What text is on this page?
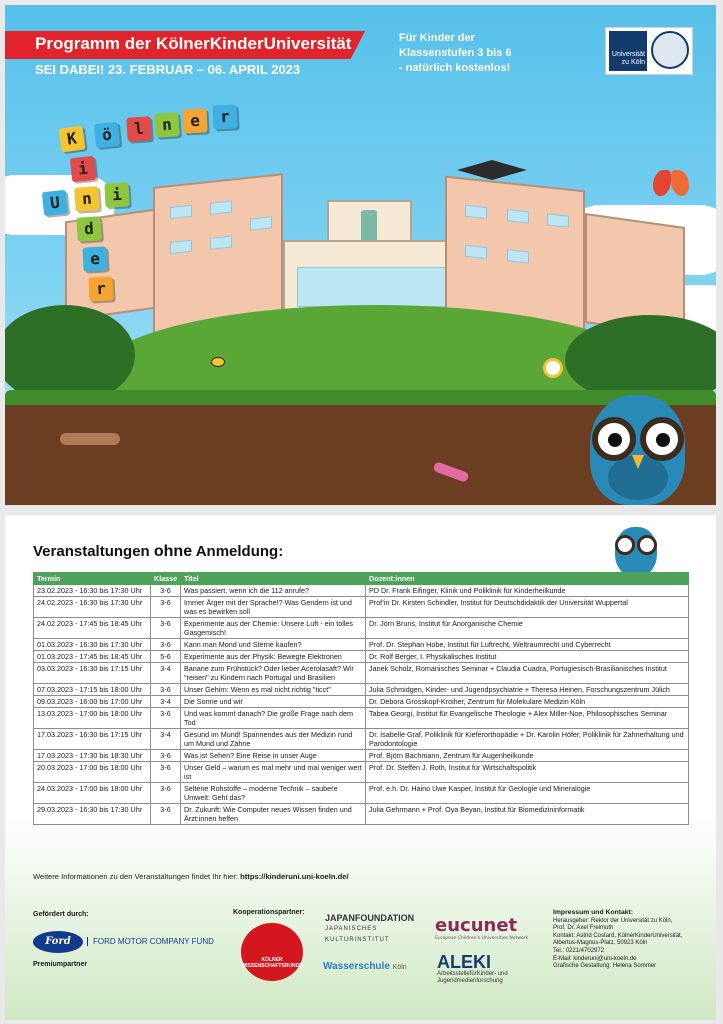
Programm der KölnerKinderUniversität
SEI DABEI! 23. FEBRUAR – 06. APRIL 2023
Für Kinder der
Klassenstufen 3 bis 6
- natürlich kostenlos!
Universität
zu Köln
K	ö	l	n	e	r
i
U	n	i
d
e
r
Veranstaltungen ohne Anmeldung:
Termin	Klasse	Titel	Dozent:innen
23.02.2023 - 16:30 bis 17:30 Uhr	3-6	Was passiert, wenn ich die 112 anrufe?	PD Dr. Frank Eifinger, Klinik und Poliklinik für Kinderheilkunde
24.02.2023 - 16:30 bis 17:30 Uhr	3-6	Immer Ärger mit der Sprache!? Was Gendern ist und was es bewirken soll	Prof’in Dr. Kirsten Schindler, Institut für Deutschdidaktik der Universität Wuppertal
24.02.2023 - 17:45 bis 18:45 Uhr	3-6	Experimente aus der Chemie: Unsere Luft - ein tolles Gasgemisch!	Dr. Jörn Bruns, Institut für Anorganische Chemie
01.03.2023 - 16:30 bis 17:30 Uhr	3-6	Kann man Mond und Sterne kaufen?	Prof. Dr. Stephan Hobe, Institut für Luftrecht, Weltraumrecht und Cyberrecht
01.03.2023 - 17:45 bis 18:45 Uhr	5-6	Experimente aus der Physik: Bewegte Elektronen	Dr. Rolf Berger, I. Physikalisches Institut
03.03.2023 - 16:30 bis 17:15 Uhr	3-4	Banane zum Frühstück? Oder lieber Acerolasaft? Wir "reisen" zu Kindern nach Portugal und Brasilien	Janek Scholz, Romanisches Seminar + Claudia Cuadra, Portugiesisch-Brasilianisches Institut
07.03.2023 - 17:15 bis 18:00 Uhr	3-6	Unser Gehirn: Wenn es mal nicht richtig "ticct"	Julia Schmidgen, Kinder- und Jugendpsychiatrie + Theresa Heinen, Forschungszentrum Jülich
09.03.2023 - 16:00 bis 17:00 Uhr	3-4	Die Sonne und wir	Dr. Debora Grosskopf-Kroiher, Zentrum für Molekulare Medizin Köln
13.03.2023 - 17:00 bis 18:00 Uhr	3-6	Und was kommt danach? Die große Frage nach dem Tod	Tabea Georgi, Institut für Evangelische Theologie + Alex Miller-Noe, Philosophisches Seminar
17.03.2023 - 16:30 bis 17:15 Uhr	3-4	Gesund im Mund! Spannendes aus der Medizin rund um Mund und Zähne	Dr. Isabelle Graf, Poliklinik für Kieferorthopädie + Dr. Karolin Höfer, Poliklinik für Zahnerhaltung und Parodontologie
17.03.2023 - 17:30 bis 18:30 Uhr	3-6	Was ist Sehen? Eine Reise in unser Auge	Prof. Björn Bachmann, Zentrum für Augenheilkunde
20.03.2023 - 17:00 bis 18:00 Uhr	3-6	Unser Geld – warum es mal mehr und mal weniger wert ist	Prof. Dr. Steffen J. Roth, Institut für Wirtschaftspolitik
24.03.2023 - 17:00 bis 18:00 Uhr	3-6	Seltene Rohstoffe – moderne Technik – saubere Umwelt: Geht das?	Prof. e.h. Dr. Haino Uwe Kasper, Institut für Geologie und Mineralogie
29.03.2023 - 16:30 bis 17:30 Uhr	3-6	Dr. Zukunft: Wie Computer neues Wissen finden und Ärzt:innen helfen	Julia Gehrmann + Prof. Oya Beyan, Institut für Biomedizininformatik
Weitere Informationen zu den Veranstaltungen findet Ihr hier: https://kinderuni.uni-koeln.de/
Gefördert durch:
Ford	FORD MOTOR COMPANY FUND
Premiumpartner
Kooperationspartner:
KÖLNER
WISSENSCHAFTSRUNDE
JAPANFOUNDATION
JAPANISCHES
KULTURINSTITUT
Wasserschule Köln
eucunet
European Children's Universities Network
ALEKI
ArbeitsstellefürKinder- und
Jugendmedienforschung
Impressum und Kontakt:
Herausgeber: Rektor der Universität zu Köln,
Prof. Dr. Axel Freimuth
Kontakt: Astrid Costard, KölnerKinderUniversität,
Albertus-Magnus-Platz, 50923 Köln
Tel.: 0221/4702972
E-Mail: kinderuni@uni-koeln.de
Grafische Gestaltung: Helena Sommer
